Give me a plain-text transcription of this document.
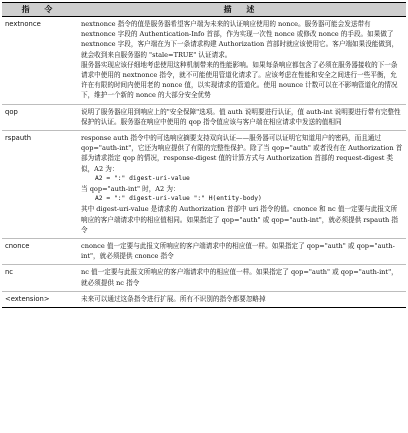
指 令	描 述
nextnonce	nextnonce 指令的值是服务器希望客户端为未来的认证响应使用的 nonce。服务器可能会发送带有 nextnonce 字段的 Authentication-Info 首部，作为实现一次性 nonce 或修改 nonce 的手段。如果做了 nextnonce 字段，客户端在为下一条请求构建 Authorization 首部时就应该使用它。客户端如果没能做到，就会收到来自服务器的 "stale=TRUE" 认证请求。
服务器实现应该仔细地考虑使用这种机制带来的性能影响。如果每条响应都包含了必须在服务器接收的下一条请求中使用的 nextnonce 指令，就不可能使用管道化请求了。应该考虑在性能和安全之间进行一些平衡，允许在有限的时间内使用老的 nonce 值，以实现请求的管道化。使用 nounce 计数可以在不影响管道化的情况下，维护一个新的 nonce 的大部分安全优势

qop	说明了服务器应用到响应上的"安全保障"选项。值 auth 说明要进行认证，值 auth-int 说明要进行带有完整性保护的认证。服务器在响应中使用的 qop 指令值应该与客户端在相应请求中发送的值相同

rspauth	response auth 指令中的可选响应摘要支持双向认证——服务器可以证明它知道用户的密码，而且通过 qop="auth-int"，它还为响应提供了有限的完整性保护。除了当 qop="auth" 或者没有在 Authorization 首部为请求指定 qop 的情况，response-digest 值的计算方式与 Authorization 首部的 request-digest 类似，A2 为：
A2 = ":" digest-uri-value
当 qop="auth-int" 时，A2 为：
A2 = ":" digest-uri-value ":" H(entity-body)
其中 digest-uri-value 是请求的 Authorization 首部中 uri 指令的值。cnonce 和 nc 值一定要与此报文所响应的客户端请求中的相应值相同。如果指定了 qop="auth" 或 qop="auth-int"，就必须提供 rspauth 指令

cnonce	cnonce 值一定要与此报文所响应的客户端请求中的相应值一样。如果指定了 qop="auth" 或 qop="auth-int"，就必须提供 cnonce 指令

nc	nc 值一定要与此报文所响应的客户端请求中的相应值一样。如果指定了 qop="auth" 或 qop="auth-int"，就必须提供 nc 指令

<extension>	未来可以通过这条指令进行扩展。所有不识别的指令都要忽略掉
